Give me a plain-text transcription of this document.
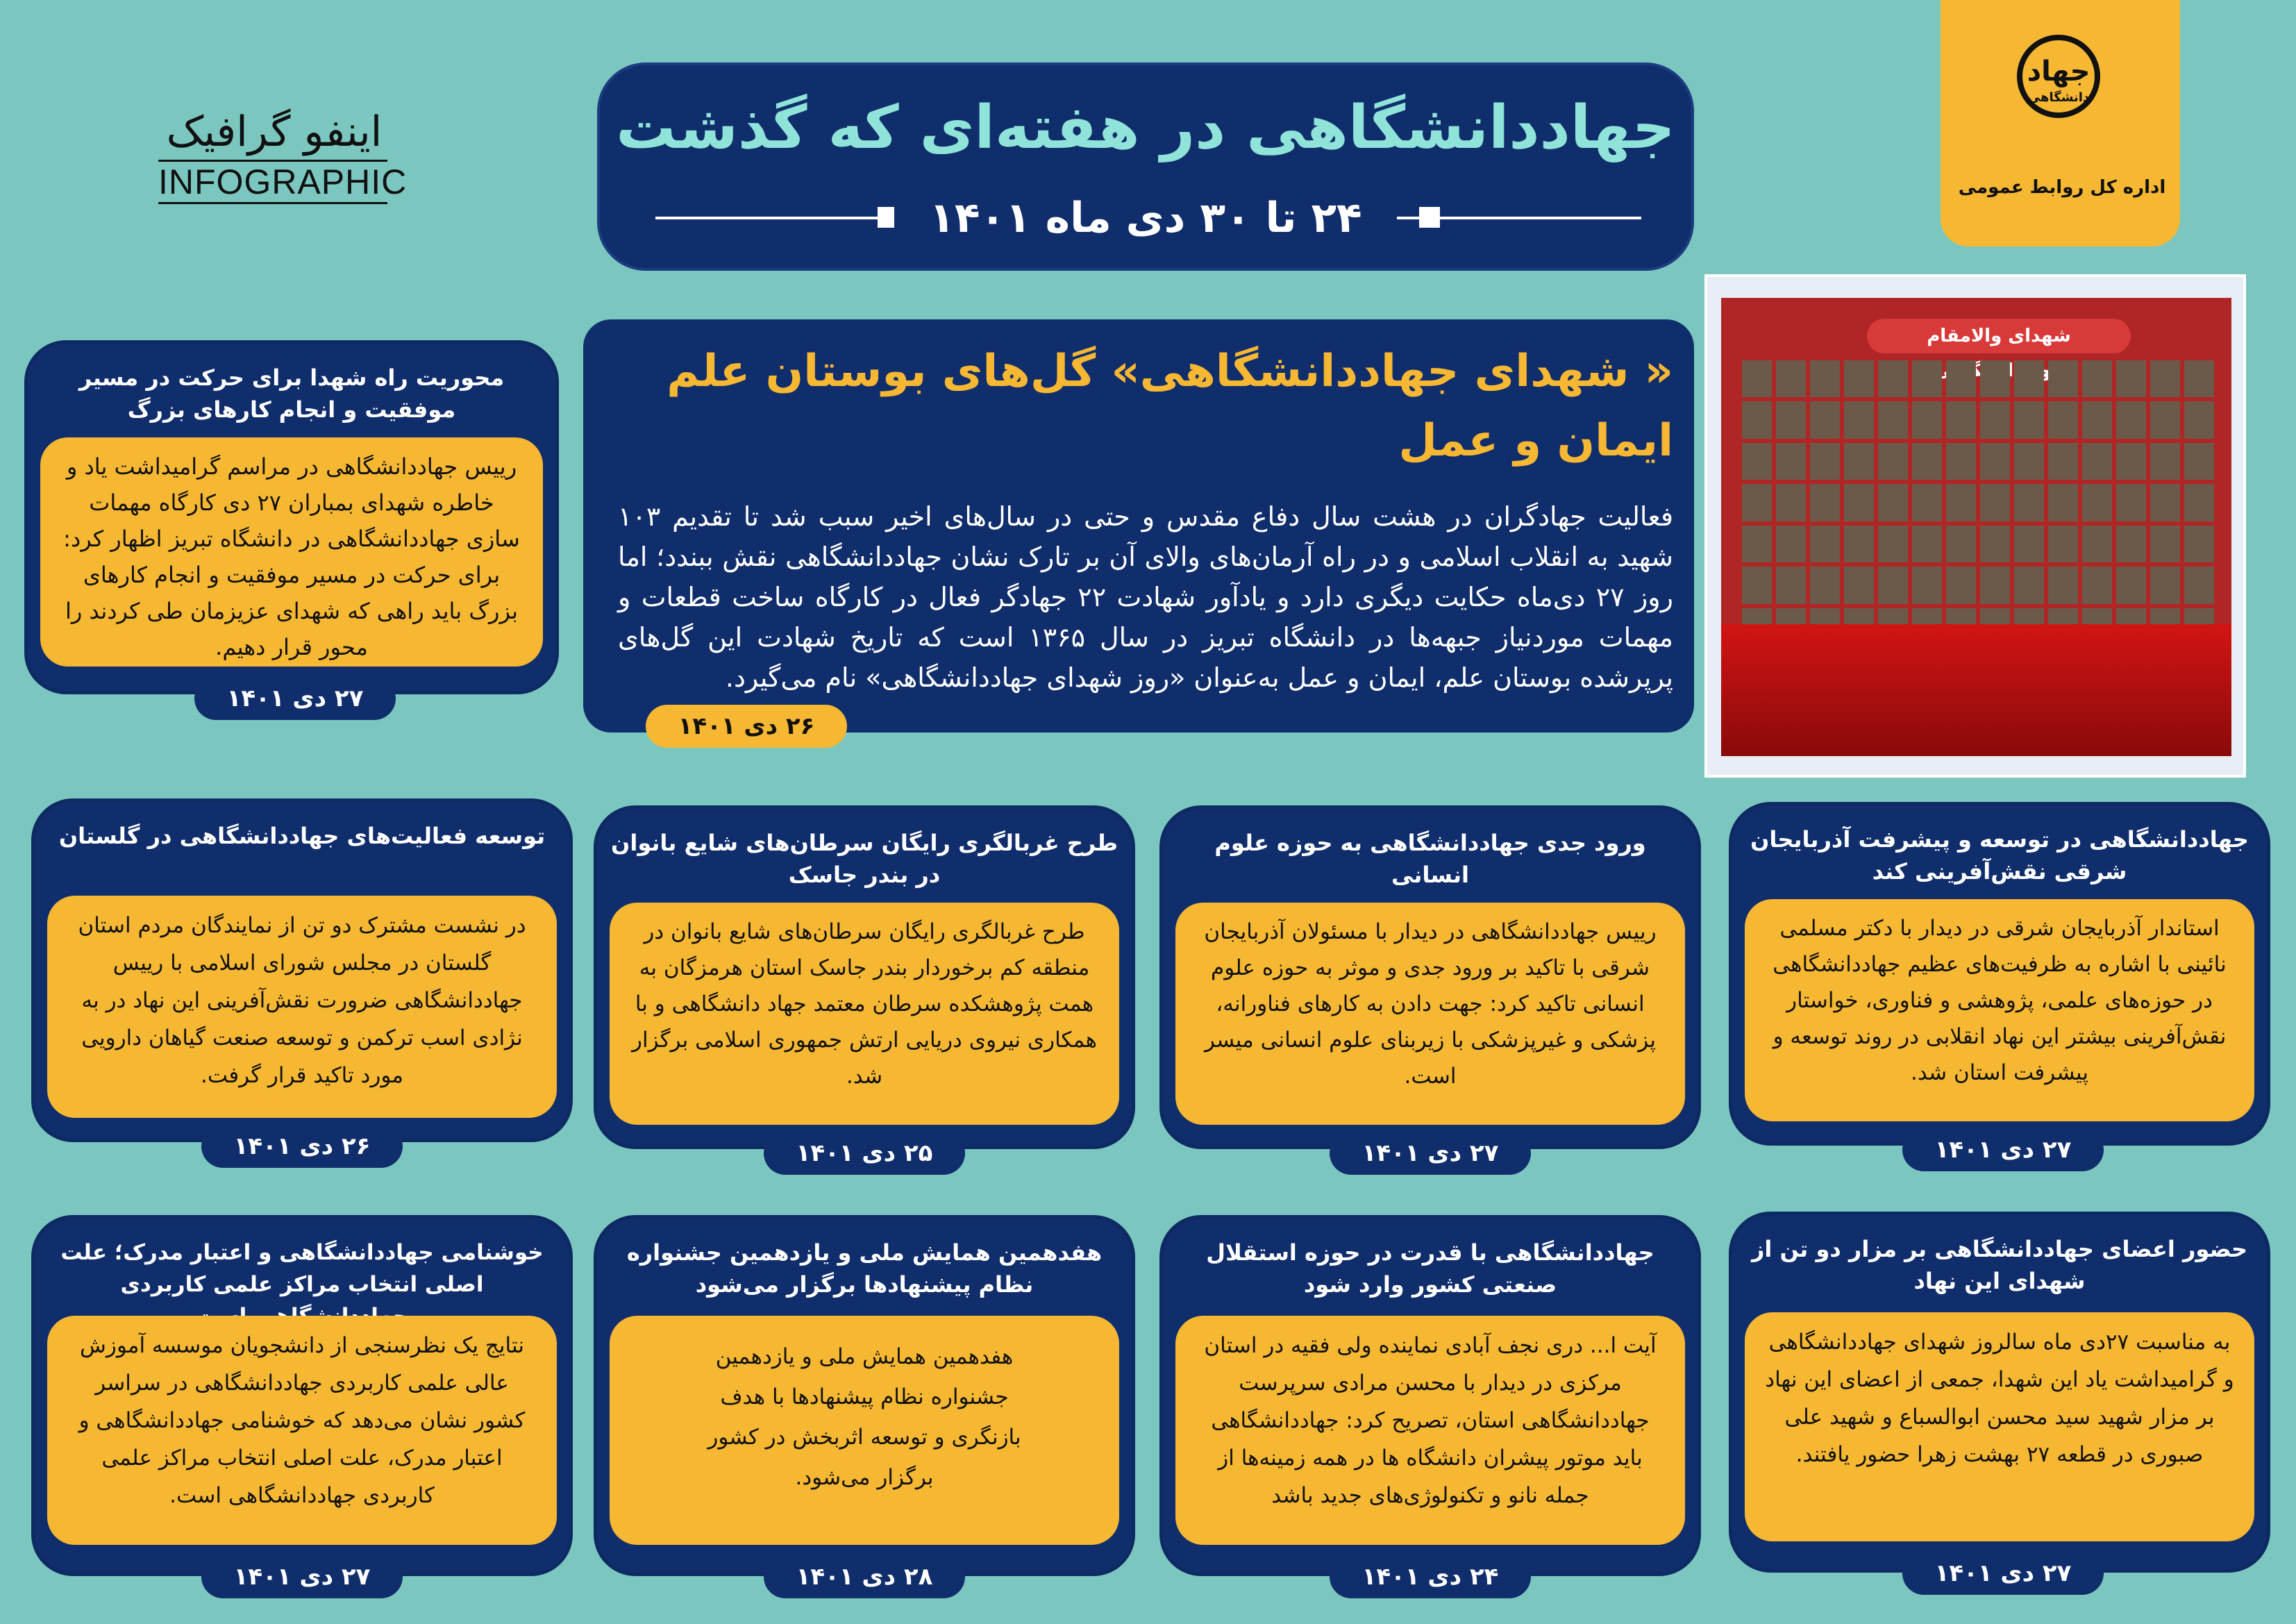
جهاددانشگاهی در هفته‌ای که گذشت
۲۴ تا ۳۰ دی ماه ۱۴۰۱
اینفو گرافیک
INFOGRAPHIC
جهاد
دانشگاهی
اداره کل روابط عمومی
« شهدای جهاددانشگاهی» گل‌های بوستان علم ایمان و عمل
فعالیت جهادگران در هشت سال دفاع مقدس و حتی در سال‌های اخیر سبب شد تا تقدیم ۱۰۳ شهید به انقلاب اسلامی و در راه آرمان‌های والای آن بر تارک نشان جهاددانشگاهی نقش ببندد؛ اما روز ۲۷ دی‌ماه حکایت دیگری دارد و یادآور شهادت ۲۲ جهادگر فعال در کارگاه ساخت قطعات و مهمات موردنیاز جبهه‌ها در دانشگاه تبریز در سال ۱۳۶۵ است که تاریخ شهادت این گل‌های پرپرشده بوستان علم، ایمان و عمل به‌عنوان «روز شهدای جهاددانشگاهی» نام می‌گیرد.
۲۶ دی ۱۴۰۱
شهدای والامقام
محوریت راه شهدا برای حرکت در مسیر موفقیت و انجام کارهای بزرگ
رییس جهاددانشگاهی در مراسم گرامیداشت یاد و خاطره شهدای بمباران ۲۷ دی کارگاه مهمات سازی جهاددانشگاهی در دانشگاه تبریز اظهار کرد: برای حرکت در مسیر موفقیت و انجام کارهای بزرگ باید راهی که شهدای عزیزمان طی کردند را محور قرار دهیم.
۲۷ دی ۱۴۰۱
جهاددانشگاهی در توسعه و پیشرفت آذربایجان شرقی نقش‌آفرینی کند
استاندار آذربایجان شرقی در دیدار با دکتر مسلمی نائینی با اشاره به ظرفیت‌های عظیم جهاددانشگاهی در حوزه‌های علمی، پژوهشی و فناوری، خواستار نقش‌آفرینی بیشتر این نهاد انقلابی در روند توسعه و پیشرفت استان شد.
۲۷ دی ۱۴۰۱
ورود جدی جهاددانشگاهی به حوزه علوم انسانی
رییس جهاددانشگاهی در دیدار با مسئولان آذربایجان شرقی با تاکید بر ورود جدی و موثر به حوزه علوم انسانی تاکید کرد: جهت دادن به کارهای فناورانه، پزشکی و غیرپزشکی با زیربنای علوم انسانی میسر است.
۲۷ دی ۱۴۰۱
طرح غربالگری رایگان سرطان‌های شایع بانوان در بندر جاسک
طرح غربالگری رایگان سرطان‌های شایع بانوان در منطقه کم برخوردار بندر جاسک استان هرمزگان به همت پژوهشکده سرطان معتمد جهاد دانشگاهی و با همکاری نیروی دریایی ارتش جمهوری اسلامی برگزار شد.
۲۵ دی ۱۴۰۱
توسعه فعالیت‌های جهاددانشگاهی در گلستان
در نشست مشترک دو تن از نمایندگان مردم استان گلستان در مجلس شورای اسلامی با رییس جهاددانشگاهی ضرورت نقش‌آفرینی این نهاد در به نژادی اسب ترکمن و توسعه صنعت گیاهان دارویی مورد تاکید قرار گرفت.
۲۶ دی ۱۴۰۱
حضور اعضای جهاددانشگاهی بر مزار دو تن از شهدای این نهاد
به مناسبت ۲۷دی ماه سالروز شهدای جهاددانشگاهی و گرامیداشت یاد این شهدا، جمعی از اعضای این نهاد بر مزار شهید سید محسن ابوالسباع و شهید علی صبوری در قطعه ۲۷ بهشت زهرا حضور یافتند.
۲۷ دی ۱۴۰۱
جهاددانشگاهی با قدرت در حوزه استقلال صنعتی کشور وارد شود
آیت ا... دری نجف آبادی نماینده ولی فقیه در استان مرکزی در دیدار با محسن مرادی سرپرست جهاددانشگاهی استان، تصریح کرد: جهاددانشگاهی باید موتور پیشران دانشگاه ها در همه زمینه‌ها از جمله نانو و تکنولوژی‌های جدید باشد
۲۴ دی ۱۴۰۱
هفدهمین همایش ملی و یازدهمین جشنواره نظام پیشنهادها برگزار می‌شود
هفدهمین همایش ملی و یازدهمین جشنواره نظام پیشنهادها با هدف بازنگری و توسعه اثربخش در کشور برگزار می‌شود.
۲۸ دی ۱۴۰۱
خوشنامی جهاددانشگاهی و اعتبار مدرک؛ علت اصلی انتخاب مراکز علمی کاربردی
نتایج یک نظرسنجی از دانشجویان موسسه آموزش عالی علمی کاربردی جهاددانشگاهی در سراسر کشور نشان می‌دهد که خوشنامی جهاددانشگاهی و اعتبار مدرک، علت اصلی انتخاب مراکز علمی کاربردی جهاددانشگاهی است.
۲۷ دی ۱۴۰۱
